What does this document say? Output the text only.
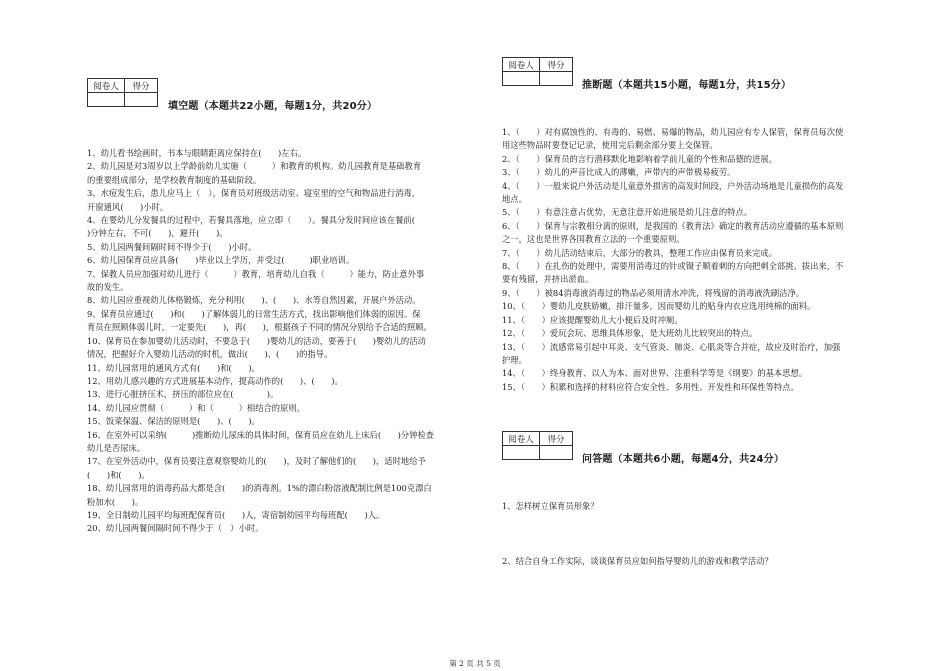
阅卷人	得分

填空题（本题共22小题，每题1分，共20分）

1、幼儿看书绘画时，书本与眼睛距离应保持在(　　)左右。

2、幼儿园是对3周岁以上学龄前幼儿实施（　　　）和教育的机构。幼儿园教育是基础教育

的重要组成部分，是学校教育制度的基础阶段。

3、水痘发生后，患儿应马上（　），保育员对班级活动室、寝室里的空气和物品进行消毒，

开窗通风(　　)小时。

4、在婴幼儿分发餐具的过程中，若餐具落地，应立即（　　）。餐具分发时间应该在餐前(　　

)分钟左右，不可(　　)，避开(　　)。

5、幼儿园两餐间隔时间不得少于(　　)小时。

6、幼儿园保育员应具备(　　)毕业以上学历，并受过(　　　)职业培训。

7、保教人员应加强对幼儿进行（　　　）教育，培育幼儿自我（　　　）能力，防止意外事

故的发生。

8、幼儿园应重视幼儿体格锻炼，充分利用(　　)、(　　)、水等自然因素，开展户外活动。

9、保育员应通过(　　)和(　　)了解体弱儿的日常生活方式，找出影响他们体弱的原因。保

育员在照顾体弱儿时，一定要先(　　)，再(　　)，根据孩子不同的情况分别给予合适的照顾。

10、保育员在参加婴幼儿活动时，不要急于(　　)婴幼儿的活动，要善于(　　)婴幼儿的活动

情况，把握好介入婴幼儿活动的时机，做出(　　)、(　　)的指导。

11、幼儿园常用的通风方式有(　　)和(　　)。

12、用幼儿感兴趣的方式进展基本动作，提高动作的(　　)、(　　)。

13、进行心脏挤压术，挤压的部位应在(　　　　)。

14、幼儿园应贯彻（　　　）和（　　　）相结合的原则。

15、饭菜保温、保洁的原则是(　　)、(　　)。

16、在室外可以采纳(　　　)推断幼儿尿床的具体时间，保育员应在幼儿上床后(　　)分钟检查

幼儿是否尿床。

17、在室外活动中，保育员要注意观察婴幼儿的(　　)，及时了解他们的(　　)，适时地给予

(　　)和(　　)。

18、幼儿园常用的消毒药品大都是含(　　)的消毒剂。1%的漂白粉溶液配制比例是100克漂白

粉加水(　　)。

19、全日制幼儿园平均每班配保育员(　　)人，寄宿制幼园平均每班配(　　)人。

20、幼儿园两餐间隔时间不得少于（　）小时。

阅卷人	得分

推断题（本题共15小题，每题1分，共15分）

1、（　　）对有腐蚀性的、有毒的、易燃、易爆的物品，幼儿园应有专人保管，保育员每次使

用这些物品时要登记记录，使用完后剩余部分要上交保管。

2、（　　）保育员的言行潜移默化地影响着学前儿童的个性和品德的进展。

3、（　　）幼儿的声音比成人的薄嫩，声带内的声带极易疲劳。

4、（　　）一般来说户外活动是儿童意外损害的高发时间段，户外活动场地是儿童损伤的高发

地点。

5、（　　）有意注意占优势，无意注意开始进展是幼儿注意的特点。

6、（　　）保育与宗教相分离的原则，是我国的《教育法》确定的教育活动应遵循的基本原则

之一，这也是世界各国教育立法的一个重要原则。

7、（　　）幼儿活动结束后，大部分的教具，整理工作应由保育员来完成。

8、（　　）在扎伤的处理中，需要用消毒过的针或镊子顺着刺的方向把刺全部挑、拔出来，不

要有残留，并挤出淤血。

9、（　　）被84消毒液消毒过的物品必须用清水冲洗，将残留的消毒液洗刷洁净。

10、（　　）婴幼儿皮肤娇嫩，排汗量多，因而婴幼儿的贴身内衣应选用纯棉的面料。

11、（　　）应该提醒婴幼儿大小便后及时冲厕。

12、（　　）爱玩会玩、思维具体形象，是大班幼儿比较突出的特点。

13、（　　）流感常易引起中耳炎、支气管炎、肺炎、心肌炎等合并症，故应及时治疗，加强

护理。

14、（　　）终身教育、以人为本、面对世界、注重科学等是《纲要》的基本思想。

15、（　　）积累和选择的材料应符合安全性、多用性、开发性和环保性等特点。

阅卷人	得分

问答题（本题共6小题，每题4分，共24分）
1、怎样树立保育员形象？
2、结合自身工作实际，谈谈保育员应如何指导婴幼儿的游戏和教学活动？
第 2 页 共 5 页
